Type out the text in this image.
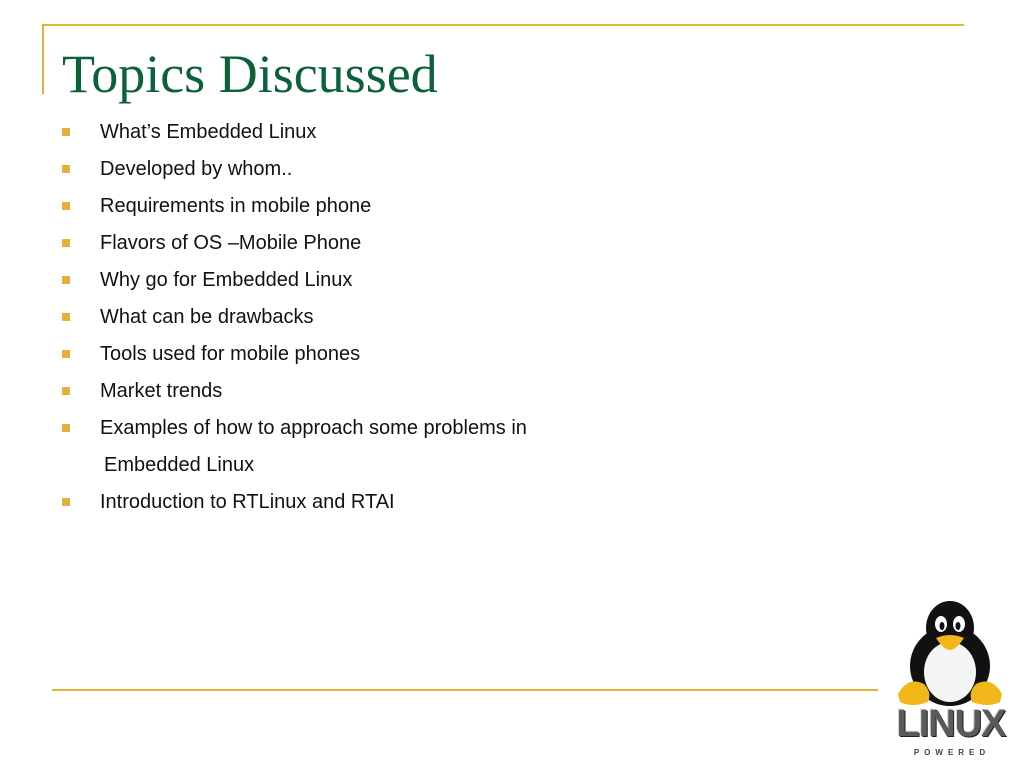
Topics Discussed
What’s Embedded Linux
Developed by whom..
Requirements in mobile phone
Flavors of OS –Mobile Phone
Why go for Embedded Linux
What can be drawbacks
Tools used for mobile phones
Market trends
Examples of how to approach some problems in
Embedded Linux
Introduction to RTLinux and RTAI
LINUX
POWERED
